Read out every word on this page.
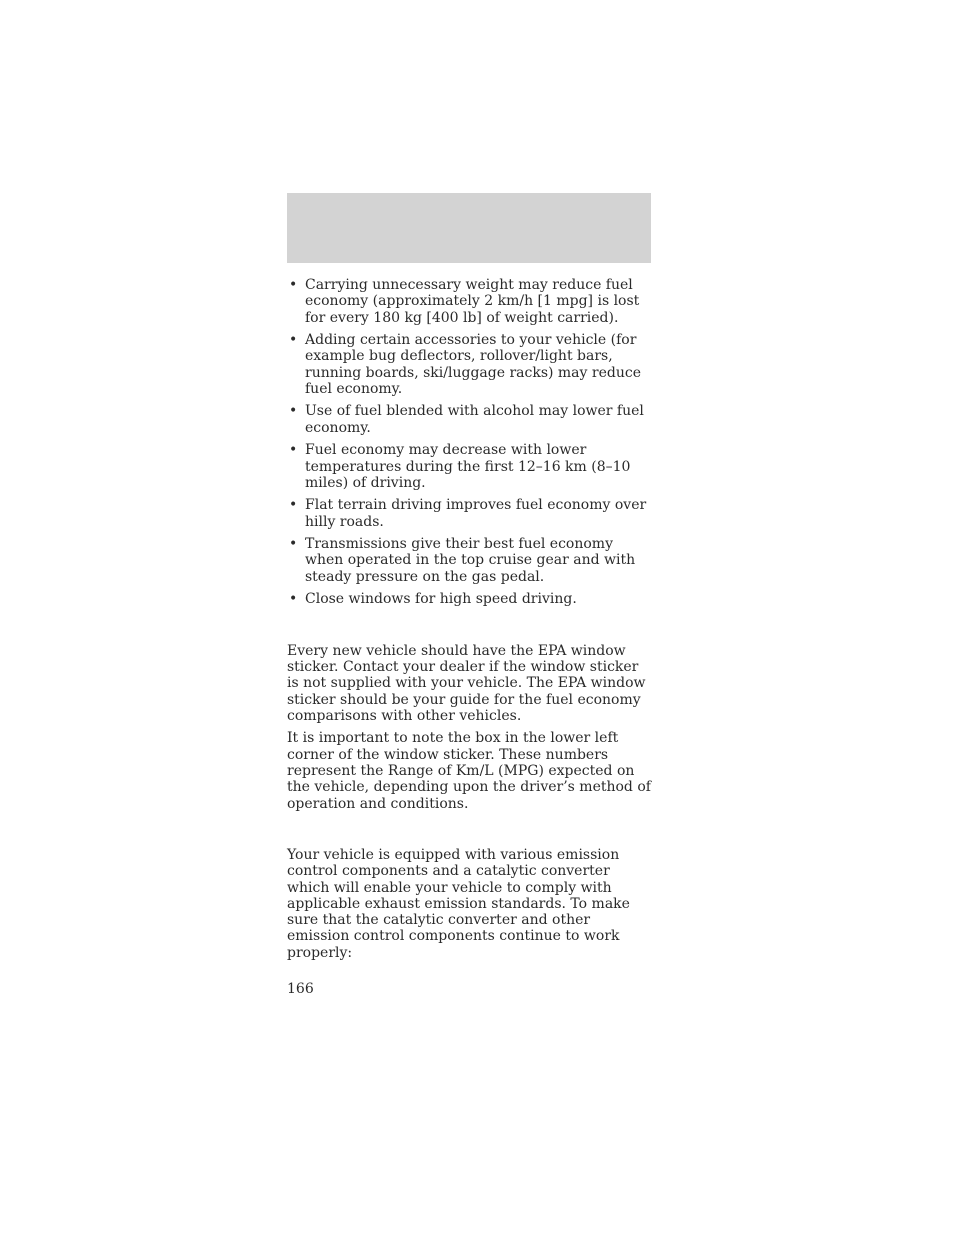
• Carrying unnecessary weight may reduce fuel economy (approximately 2 km/h [1 mpg] is lost for every 180 kg [400 lb] of weight carried).
• Adding certain accessories to your vehicle (for example bug deflectors, rollover/light bars, running boards, ski/luggage racks) may reduce fuel economy.
• Use of fuel blended with alcohol may lower fuel economy.
• Fuel economy may decrease with lower temperatures during the first 12–16 km (8–10 miles) of driving.
• Flat terrain driving improves fuel economy over hilly roads.
• Transmissions give their best fuel economy when operated in the top cruise gear and with steady pressure on the gas pedal.
• Close windows for high speed driving.

Every new vehicle should have the EPA window sticker. Contact your dealer if the window sticker is not supplied with your vehicle. The EPA window sticker should be your guide for the fuel economy comparisons with other vehicles.

It is important to note the box in the lower left corner of the window sticker. These numbers represent the Range of Km/L (MPG) expected on the vehicle, depending upon the driver’s method of operation and conditions.

Your vehicle is equipped with various emission control components and a catalytic converter which will enable your vehicle to comply with applicable exhaust emission standards. To make sure that the catalytic converter and other emission control components continue to work properly:

166
